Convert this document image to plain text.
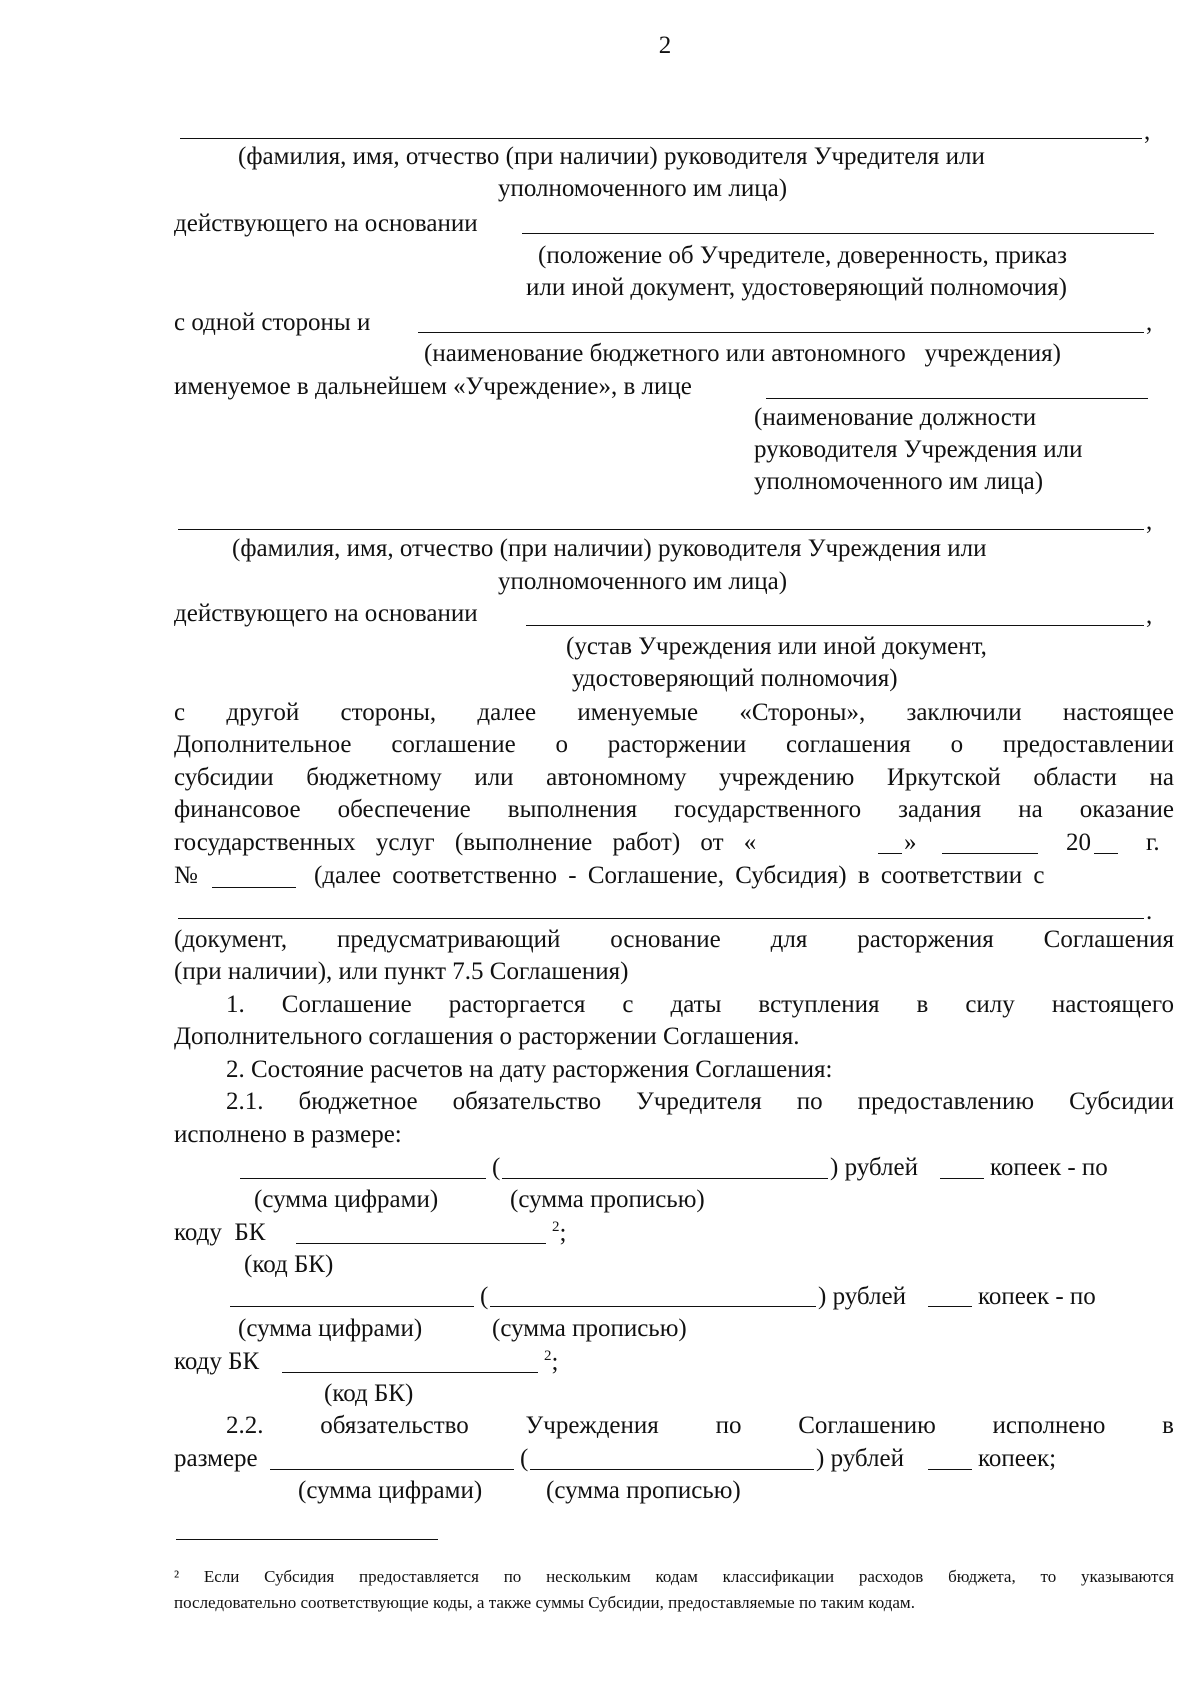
2
,
(фамилия, имя, отчество (при наличии) руководителя Учредителя или
уполномоченного им лица)
действующего на основании
(положение об Учредителе, доверенность, приказ
или иной документ, удостоверяющий полномочия)
с одной стороны и	,
(наименование бюджетного или автономного   учреждения)
именуемое в дальнейшем «Учреждение», в лице
(наименование должности
руководителя Учреждения или
уполномоченного им лица)
,
(фамилия, имя, отчество (при наличии) руководителя Учреждения или
уполномоченного им лица)
действующего на основании	,
(устав Учреждения или иной документ,
удостоверяющий полномочия)
с другой стороны, далее именуемые «Стороны», заключили настоящее
Дополнительное соглашение о расторжении соглашения о предоставлении
субсидии бюджетному или автономному учреждению Иркутской области на
финансовое обеспечение выполнения государственного задания на оказание
государственных услуг (выполнение работ) от «	»	20 г.
№	(далее соответственно - Соглашение, Субсидия) в соответствии с
.
(документ, предусматривающий основание для расторжения Соглашения
(при наличии), или пункт 7.5 Соглашения)
1. Соглашение расторгается с даты вступления в силу настоящего
Дополнительного соглашения о расторжении Соглашения.
2. Состояние расчетов на дату расторжения Соглашения:
2.1. бюджетное обязательство Учредителя по предоставлению Субсидии
исполнено в размере:
(	) рублей	копеек - по
(сумма цифрами)	(сумма прописью)
коду  БК	$^2$;
(код БК)
(	) рублей	копеек - по
(сумма цифрами)	(сумма прописью)
коду БК	$^2$;
(код БК)
2.2. обязательство Учреждения по Соглашению исполнено в
размере	(	) рублей	копеек;
(сумма цифрами)	(сумма прописью)
² Если Субсидия предоставляется по нескольким кодам классификации расходов бюджета, то указываются
последовательно соответствующие коды, а также суммы Субсидии, предоставляемые по таким кодам.
